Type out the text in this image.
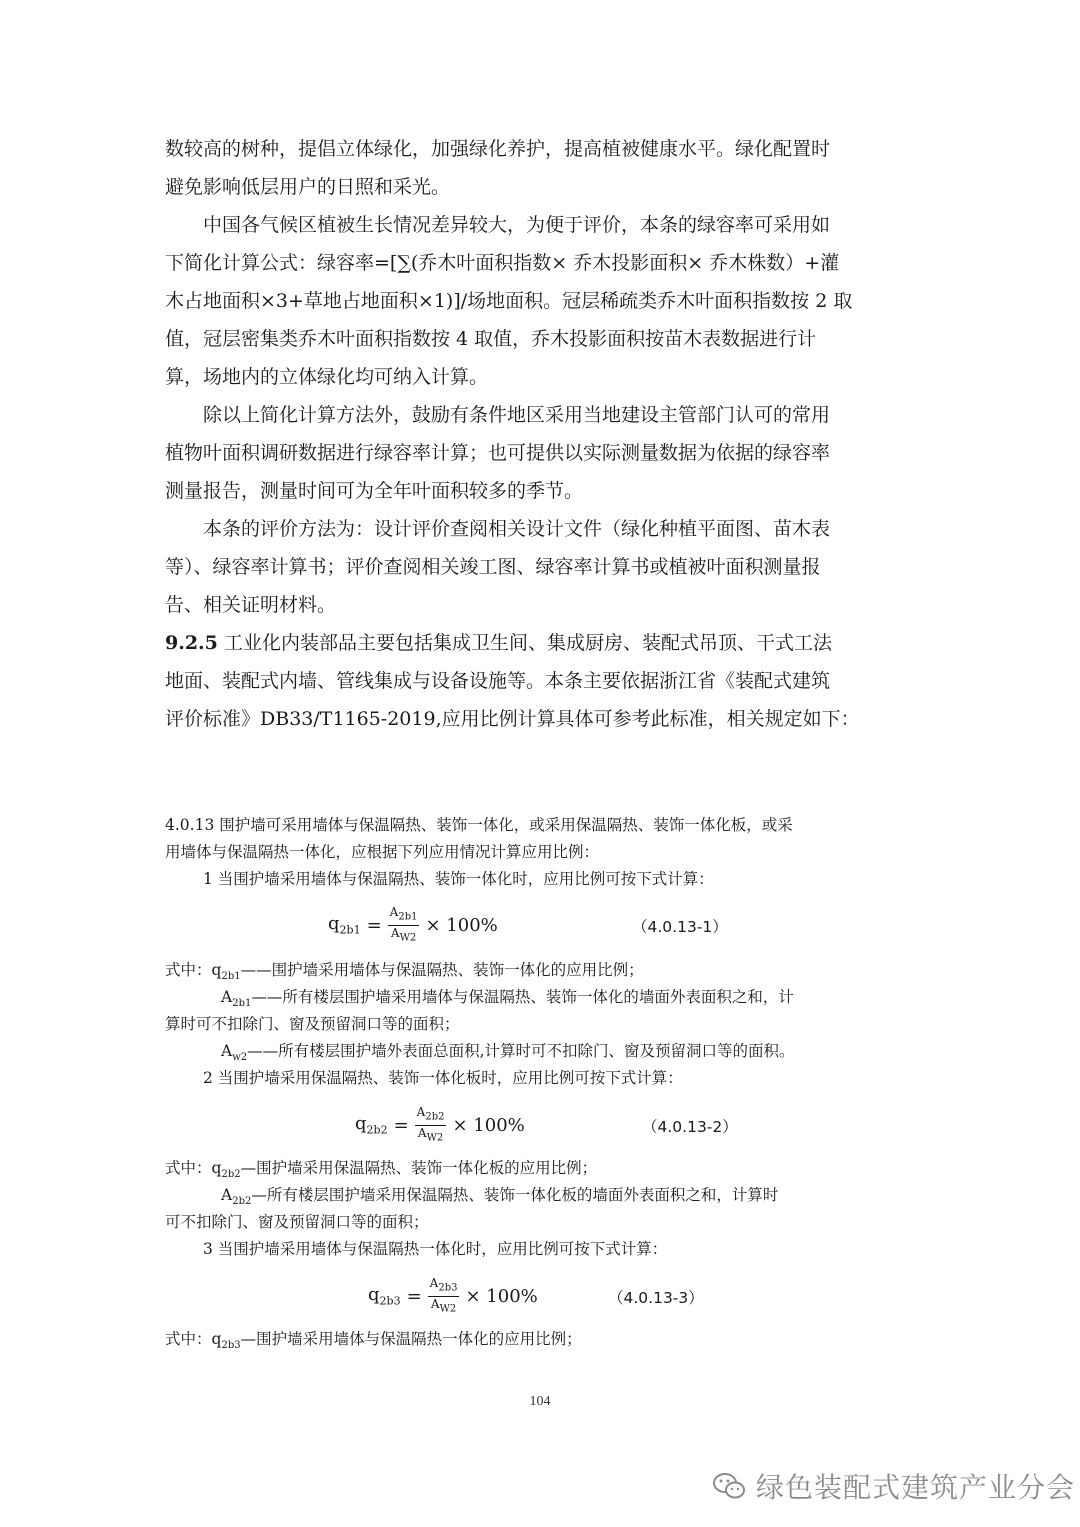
数较高的树种，提倡立体绿化，加强绿化养护，提高植被健康水平。绿化配置时
避免影响低层用户的日照和采光。
中国各气候区植被生长情况差异较大，为便于评价，本条的绿容率可采用如
下简化计算公式：绿容率=[∑(乔木叶面积指数× 乔木投影面积× 乔木株数）+灌
木占地面积×3+草地占地面积×1)]/场地面积。冠层稀疏类乔木叶面积指数按 2 取
值，冠层密集类乔木叶面积指数按 4 取值，乔木投影面积按苗木表数据进行计
算，场地内的立体绿化均可纳入计算。
除以上简化计算方法外，鼓励有条件地区采用当地建设主管部门认可的常用
植物叶面积调研数据进行绿容率计算；也可提供以实际测量数据为依据的绿容率
测量报告，测量时间可为全年叶面积较多的季节。
本条的评价方法为：设计评价查阅相关设计文件（绿化种植平面图、苗木表
等）、绿容率计算书；评价查阅相关竣工图、绿容率计算书或植被叶面积测量报
告、相关证明材料。
9.2.5 工业化内装部品主要包括集成卫生间、集成厨房、装配式吊顶、干式工法
地面、装配式内墙、管线集成与设备设施等。本条主要依据浙江省《装配式建筑
评价标准》DB33/T1165-2019,应用比例计算具体可参考此标准，相关规定如下：
4.0.13 围护墙可采用墙体与保温隔热、装饰一体化，或采用保温隔热、装饰一体化板，或采
用墙体与保温隔热一体化，应根据下列应用情况计算应用比例：
1 当围护墙采用墙体与保温隔热、装饰一体化时，应用比例可按下式计算：
$q_{2b1} = \frac{A_{2b1}}{A_{W2}} \times 100\%$	（4.0.13-1）
式中：$q_{2b1}——$围护墙采用墙体与保温隔热、装饰一体化的应用比例；
$A_{2b1}——$所有楼层围护墙采用墙体与保温隔热、装饰一体化的墙面外表面积之和，计
算时可不扣除门、窗及预留洞口等的面积；
$A_{w2}——$所有楼层围护墙外表面总面积,计算时可不扣除门、窗及预留洞口等的面积。
2 当围护墙采用保温隔热、装饰一体化板时，应用比例可按下式计算：
$q_{2b2} = \frac{A_{2b2}}{A_{W2}} \times 100\%$	（4.0.13-2）
式中：$q_{2b2}—$围护墙采用保温隔热、装饰一体化板的应用比例；
$A_{2b2}—$所有楼层围护墙采用保温隔热、装饰一体化板的墙面外表面积之和，计算时
可不扣除门、窗及预留洞口等的面积；
3 当围护墙采用墙体与保温隔热一体化时，应用比例可按下式计算：
$q_{2b3} = \frac{A_{2b3}}{A_{W2}} \times 100\%$	（4.0.13-3）
式中：$q_{2b3}—$围护墙采用墙体与保温隔热一体化的应用比例；
104
绿色装配式建筑产业分会
